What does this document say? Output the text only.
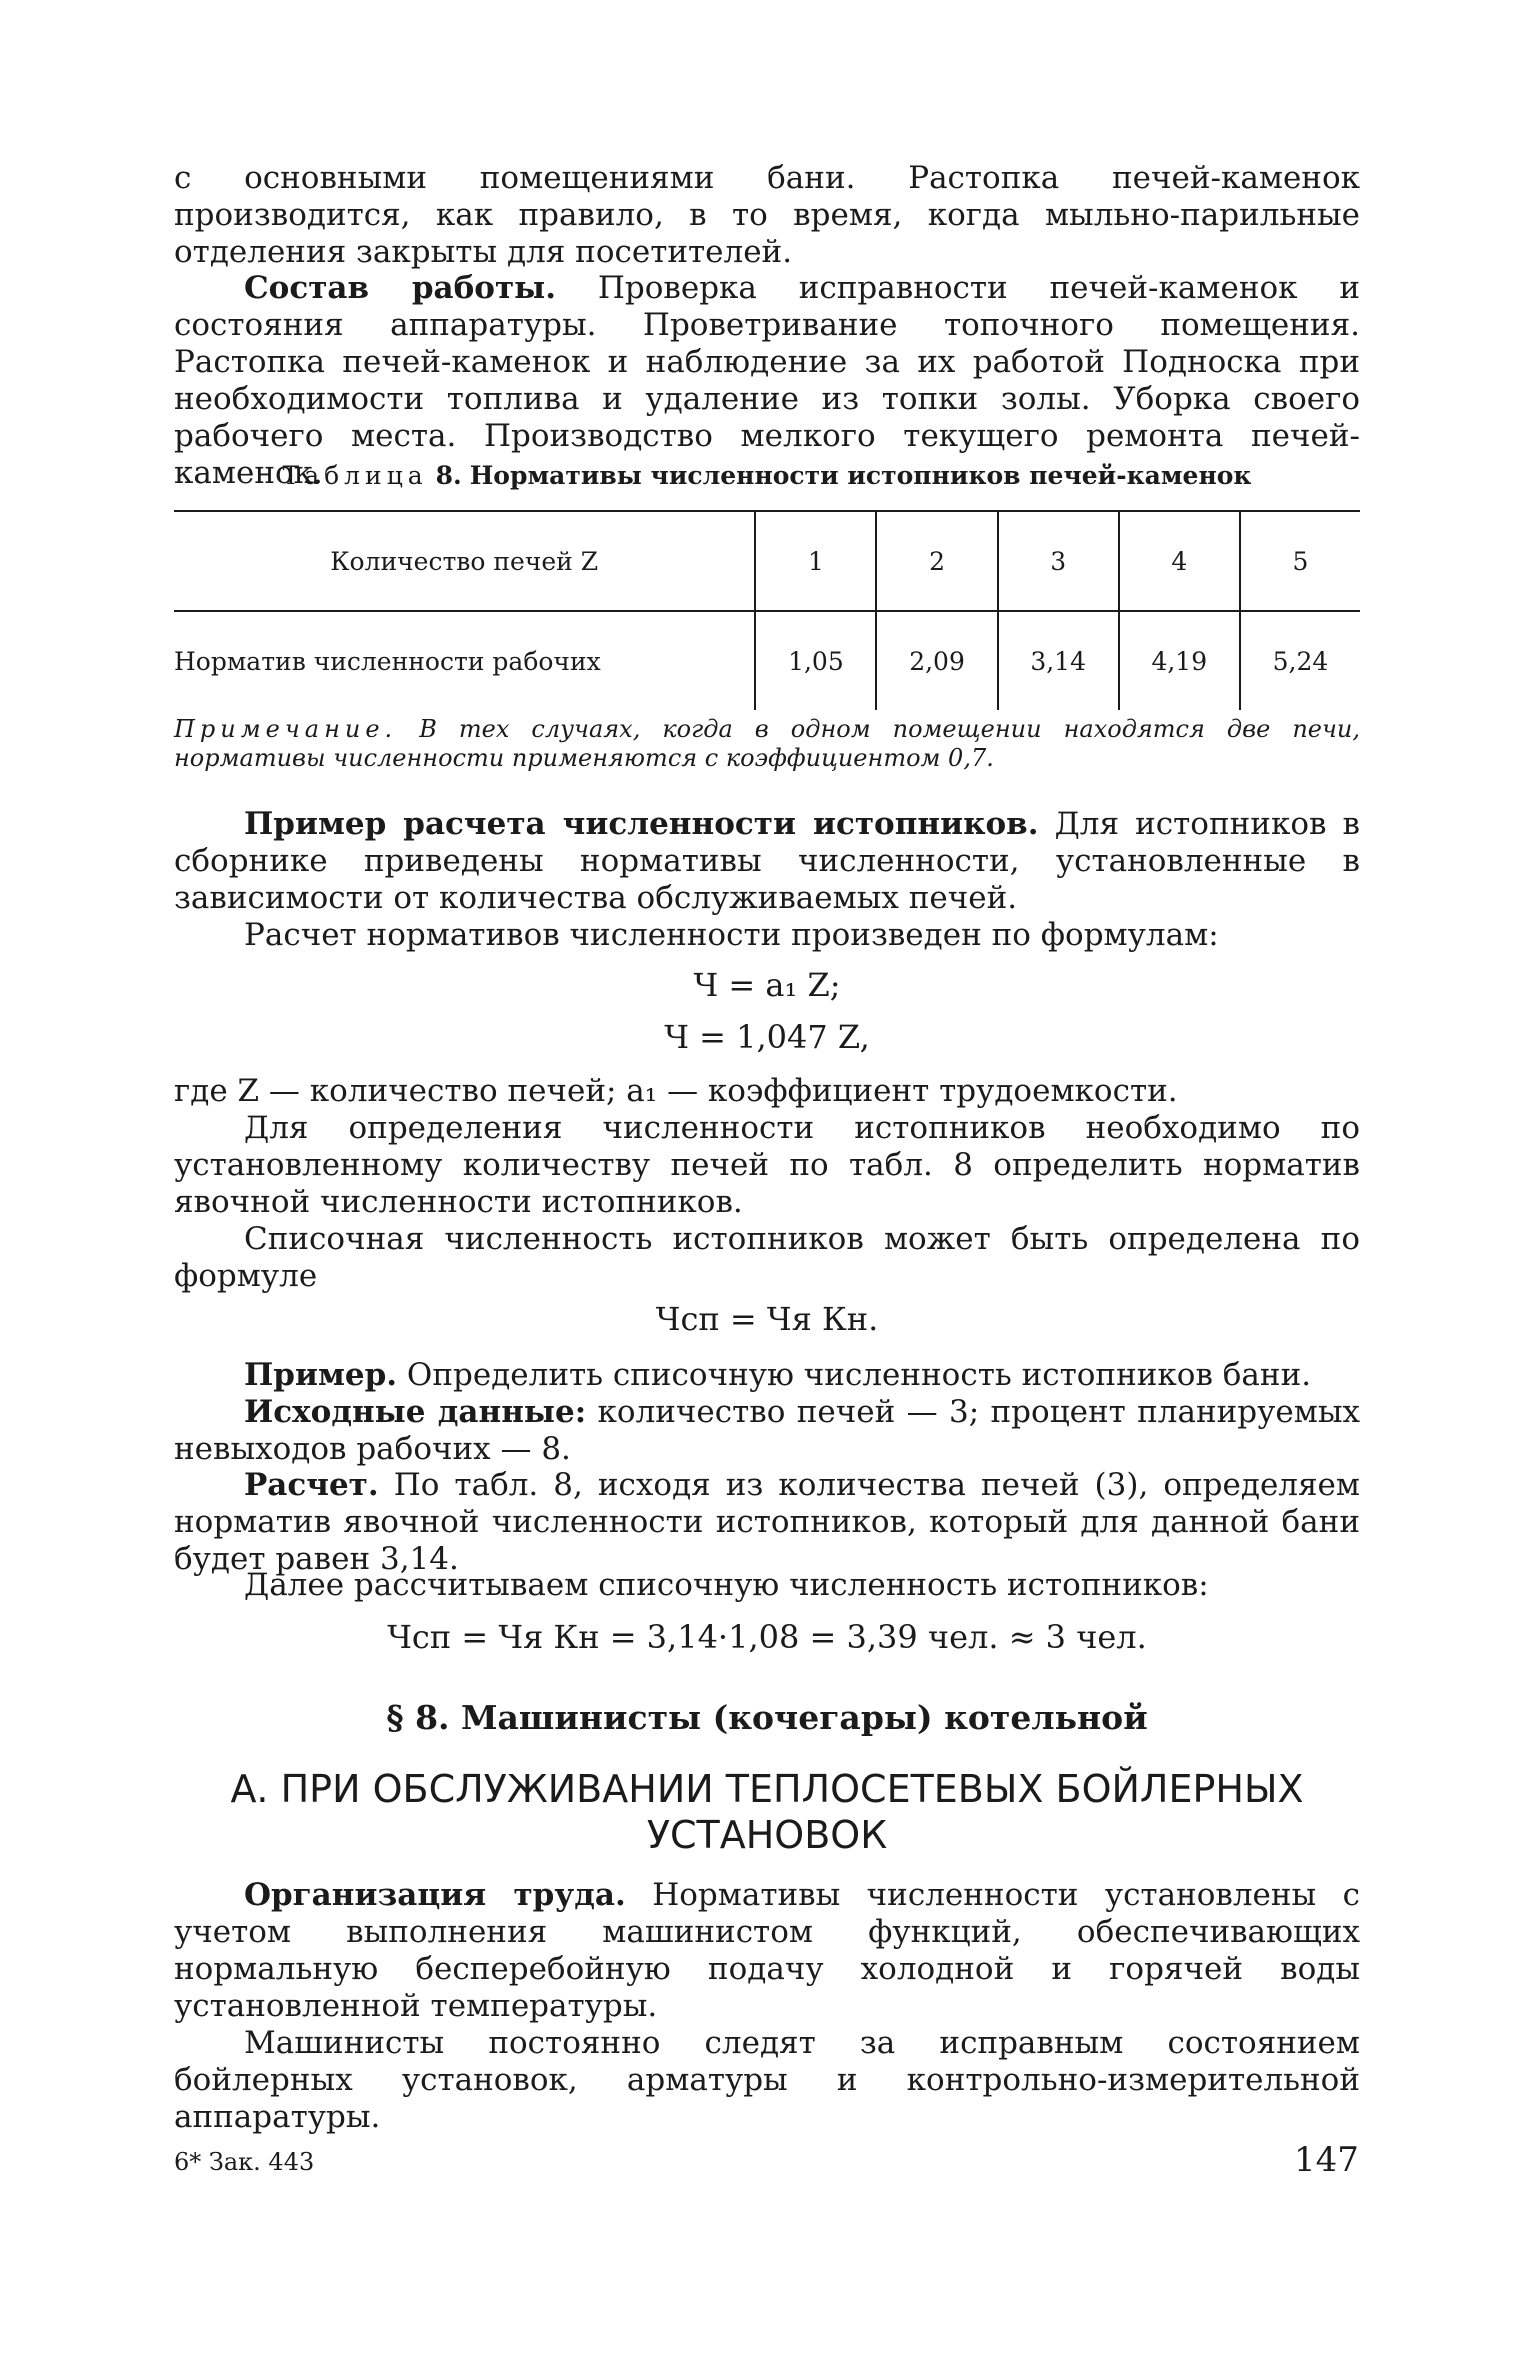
с основными помещениями бани. Растопка печей-каменок производится, как правило, в то время, когда мыльно-парильные отделения закрыты для посетителей.

Состав работы. Проверка исправности печей-каменок и состояния аппаратуры. Проветривание топочного помещения. Растопка печей-каменок и наблюдение за их работой Подноска при необходимости топлива и удаление из топки золы. Уборка своего рабочего места. Производство мелкого текущего ремонта печей-каменок.

Таблица 8. Нормативы численности истопников печей-каменок

Количество печей Z	1	2	3	4	5
Норматив численности рабочих	1,05	2,09	3,14	4,19	5,24

Примечание. В тех случаях, когда в одном помещении находятся две печи, нормативы численности применяются с коэффициентом 0,7.

Пример расчета численности истопников. Для истопников в сборнике приведены нормативы численности, установленные в зависимости от количества обслуживаемых печей.

Расчет нормативов численности произведен по формулам:

Ч = a₁ Z;

Ч = 1,047 Z,

где Z — количество печей; a₁ — коэффициент трудоемкости.

Для определения численности истопников необходимо по установленному количеству печей по табл. 8 определить норматив явочной численности истопников.

Списочная численность истопников может быть определена по формуле

Чсп = Чя Кн.

Пример. Определить списочную численность истопников бани.

Исходные данные: количество печей — 3; процент планируемых невыходов рабочих — 8.

Расчет. По табл. 8, исходя из количества печей (3), определяем норматив явочной численности истопников, который для данной бани будет равен 3,14.

Далее рассчитываем списочную численность истопников:

Чсп = Чя Кн = 3,14·1,08 = 3,39 чел. ≈ 3 чел.

§ 8. Машинисты (кочегары) котельной

А. ПРИ ОБСЛУЖИВАНИИ ТЕПЛОСЕТЕВЫХ БОЙЛЕРНЫХ
УСТАНОВОК

Организация труда. Нормативы численности установлены с учетом выполнения машинистом функций, обеспечивающих нормальную бесперебойную подачу холодной и горячей воды установленной температуры.

Машинисты постоянно следят за исправным состоянием бойлерных установок, арматуры и контрольно-измерительной аппаратуры.

6* Зак. 443	147
